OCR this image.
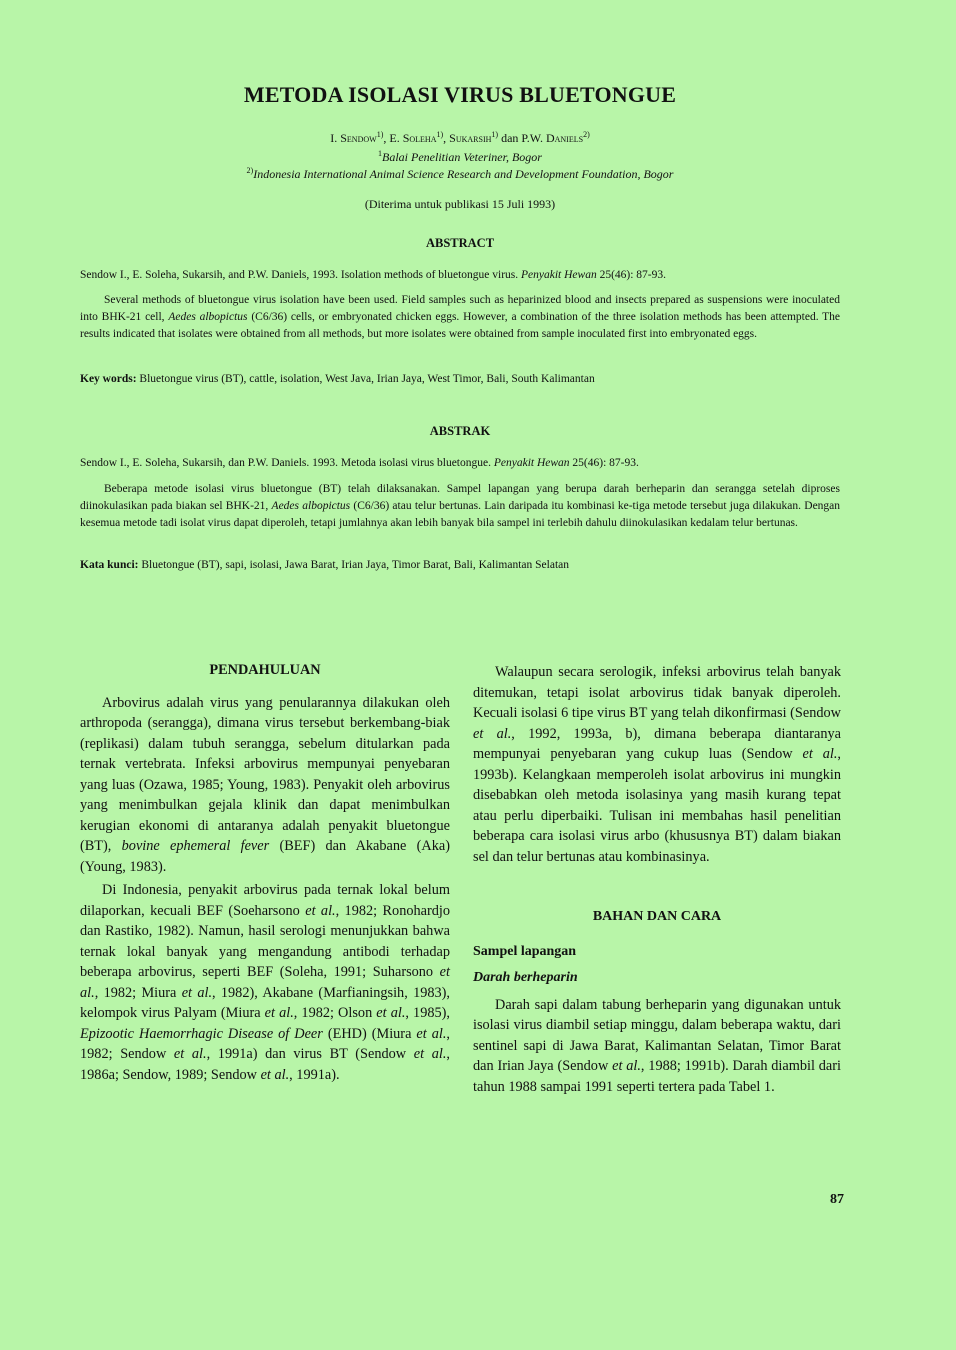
METODA ISOLASI VIRUS BLUETONGUE
I. Sendow$^{1)}$, E. Soleha$^{1)}$, Sukarsih$^{1)}$ dan P.W. Daniels$^{2)}$
$^1$Balai Penelitian Veteriner, Bogor
$^{2)}$Indonesia International Animal Science Research and Development Foundation, Bogor
(Diterima untuk publikasi 15 Juli 1993)
ABSTRACT
Sendow I., E. Soleha, Sukarsih, and P.W. Daniels, 1993. Isolation methods of bluetongue virus. Penyakit Hewan 25(46): 87-93.
Several methods of bluetongue virus isolation have been used. Field samples such as heparinized blood and insects prepared as suspensions were inoculated into BHK-21 cell, Aedes albopictus (C6/36) cells, or embryonated chicken eggs. However, a combination of the three isolation methods has been attempted. The results indicated that isolates were obtained from all methods, but more isolates were obtained from sample inoculated first into embryonated eggs.
Key words: Bluetongue virus (BT), cattle, isolation, West Java, Irian Jaya, West Timor, Bali, South Kalimantan
ABSTRAK
Sendow I., E. Soleha, Sukarsih, dan P.W. Daniels. 1993. Metoda isolasi virus bluetongue. Penyakit Hewan 25(46): 87-93.
Beberapa metode isolasi virus bluetongue (BT) telah dilaksanakan. Sampel lapangan yang berupa darah berheparin dan serangga setelah diproses diinokulasikan pada biakan sel BHK-21, Aedes albopictus (C6/36) atau telur bertunas. Lain daripada itu kombinasi ke-tiga metode tersebut juga dilakukan. Dengan kesemua metode tadi isolat virus dapat diperoleh, tetapi jumlahnya akan lebih banyak bila sampel ini terlebih dahulu diinokulasikan kedalam telur bertunas.
Kata kunci: Bluetongue (BT), sapi, isolasi, Jawa Barat, Irian Jaya, Timor Barat, Bali, Kalimantan Selatan
PENDAHULUAN

Arbovirus adalah virus yang penularannya dilakukan oleh arthropoda (serangga), dimana virus tersebut berkembang-biak (replikasi) dalam tubuh serangga, sebelum ditularkan pada ternak vertebrata. Infeksi arbovirus mempunyai penyebaran yang luas (Ozawa, 1985; Young, 1983). Penyakit oleh arbovirus yang menimbulkan gejala klinik dan dapat menimbulkan kerugian ekonomi di antaranya adalah penyakit bluetongue (BT), bovine ephemeral fever (BEF) dan Akabane (Aka) (Young, 1983).

Di Indonesia, penyakit arbovirus pada ternak lokal belum dilaporkan, kecuali BEF (Soeharsono et al., 1982; Ronohardjo dan Rastiko, 1982). Namun, hasil serologi menunjukkan bahwa ternak lokal banyak yang mengandung antibodi terhadap beberapa arbovirus, seperti BEF (Soleha, 1991; Suharsono et al., 1982; Miura et al., 1982), Akabane (Marfianingsih, 1983), kelompok virus Palyam (Miura et al., 1982; Olson et al., 1985), Epizootic Haemorrhagic Disease of Deer (EHD) (Miura et al., 1982; Sendow et al., 1991a) dan virus BT (Sendow et al., 1986a; Sendow, 1989; Sendow et al., 1991a).

Walaupun secara serologik, infeksi arbovirus telah banyak ditemukan, tetapi isolat arbovirus tidak banyak diperoleh. Kecuali isolasi 6 tipe virus BT yang telah dikonfirmasi (Sendow et al., 1992, 1993a, b), dimana beberapa diantaranya mempunyai penyebaran yang cukup luas (Sendow et al., 1993b). Kelangkaan memperoleh isolat arbovirus ini mungkin disebabkan oleh metoda isolasinya yang masih kurang tepat atau perlu diperbaiki. Tulisan ini membahas hasil penelitian beberapa cara isolasi virus arbo (khususnya BT) dalam biakan sel dan telur bertunas atau kombinasinya.

BAHAN DAN CARA
Sampel lapangan
Darah berheparin

Darah sapi dalam tabung berheparin yang digunakan untuk isolasi virus diambil setiap minggu, dalam beberapa waktu, dari sentinel sapi di Jawa Barat, Kalimantan Selatan, Timor Barat dan Irian Jaya (Sendow et al., 1988; 1991b). Darah diambil dari tahun 1988 sampai 1991 seperti tertera pada Tabel 1.

87
